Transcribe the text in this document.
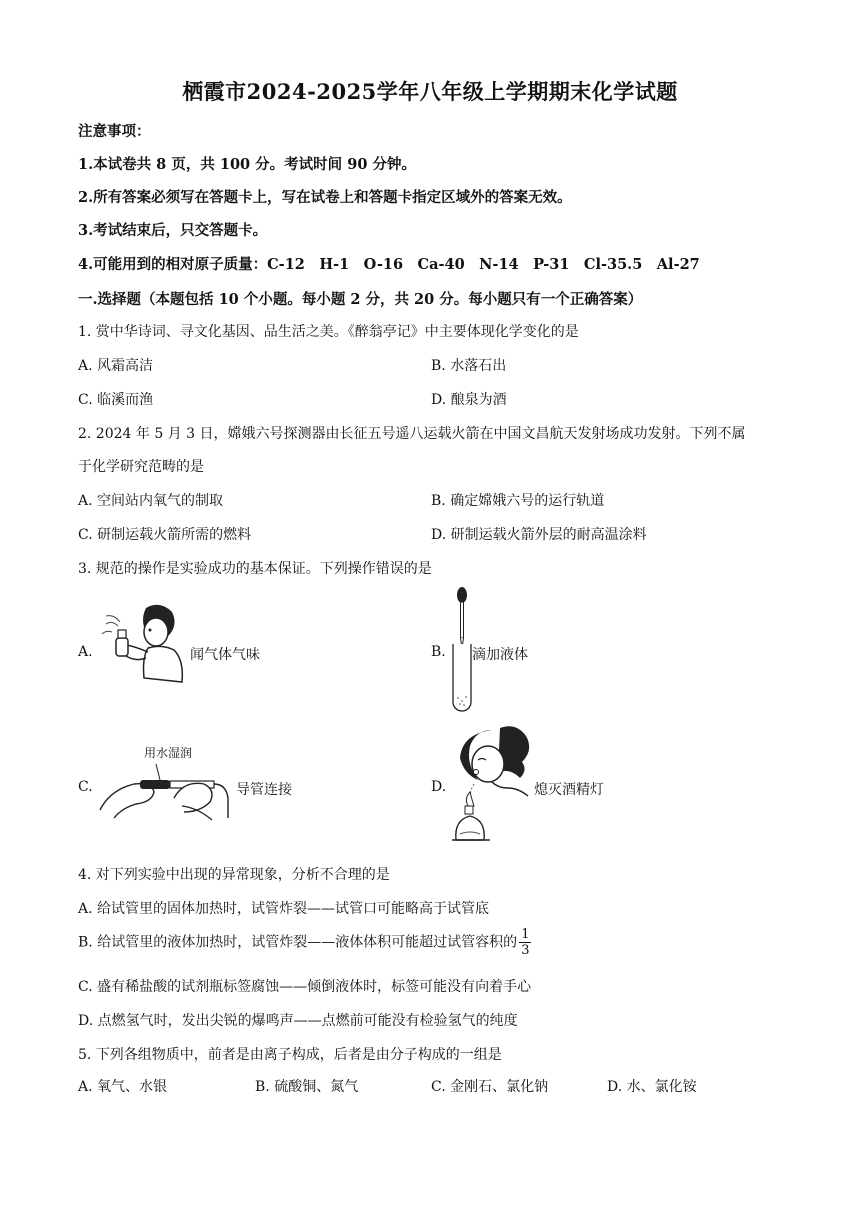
栖霞市2024-2025学年八年级上学期期末化学试题
注意事项：
1.本试卷共 8 页，共 100 分。考试时间 90 分钟。
2.所有答案必须写在答题卡上，写在试卷上和答题卡指定区域外的答案无效。
3.考试结束后，只交答题卡。
4.可能用到的相对原子质量：C-12　H-1　O-16　Ca-40　N-14　P-31　Cl-35.5　Al-27
一.选择题（本题包括 10 个小题。每小题 2 分，共 20 分。每小题只有一个正确答案）
1. 赏中华诗词、寻文化基因、品生活之美。《醉翁亭记》中主要体现化学变化的是
A. 风霜高洁	B. 水落石出
C. 临溪而渔	D. 酿泉为酒
2. 2024 年 5 月 3 日，嫦娥六号探测器由长征五号遥八运载火箭在中国文昌航天发射场成功发射。下列不属
于化学研究范畴的是
A. 空间站内氧气的制取	B. 确定嫦娥六号的运行轨道
C. 研制运载火箭所需的燃料	D. 研制运载火箭外层的耐高温涂料
3. 规范的操作是实验成功的基本保证。下列操作错误的是
A.	闻气体气味	B. 滴加液体
C.
用水湿润
导管连接	D.	熄灭酒精灯
4. 对下列实验中出现的异常现象，分析不合理的是
A. 给试管里的固体加热时，试管炸裂——试管口可能略高于试管底
B. 给试管里的液体加热时，试管炸裂——液体体积可能超过试管容积的 $\frac{1}{3}$
C. 盛有稀盐酸的试剂瓶标签腐蚀——倾倒液体时，标签可能没有向着手心
D. 点燃氢气时，发出尖锐的爆鸣声——点燃前可能没有检验氢气的纯度
5. 下列各组物质中，前者是由离子构成，后者是由分子构成的一组是
A. 氧气、水银	B. 硫酸铜、氮气	C. 金刚石、氯化钠	D. 水、氯化铵
